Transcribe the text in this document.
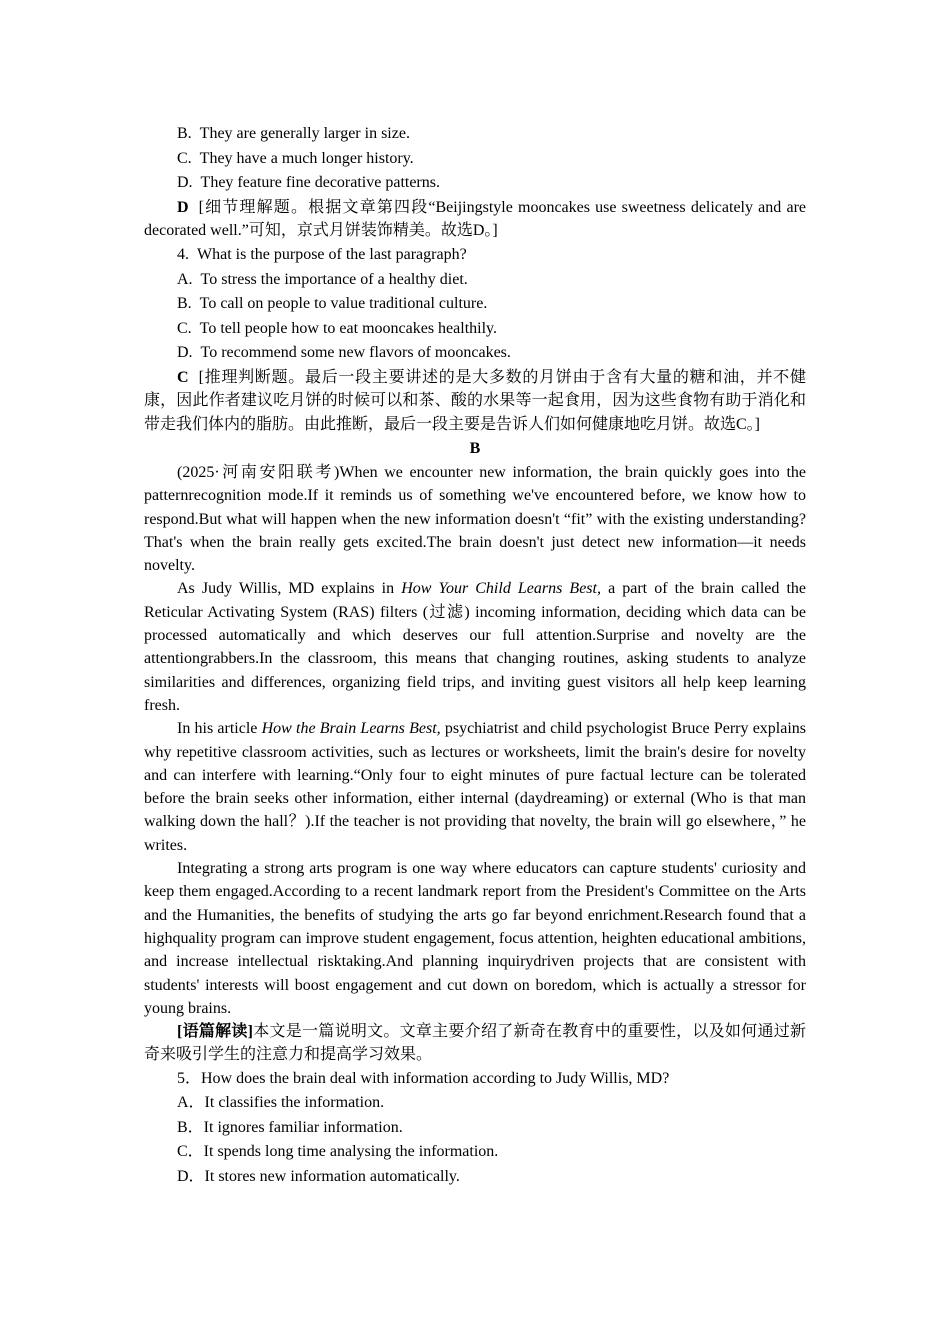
B. They are generally larger in size.

C. They have a much longer history.

D. They feature fine decorative patterns.

D [细节理解题。根据文章第四段“Beijingstyle mooncakes use sweetness delicately and are decorated well.”可知，京式月饼装饰精美。故选D。]

4. What is the purpose of the last paragraph?

A. To stress the importance of a healthy diet.

B. To call on people to value traditional culture.

C. To tell people how to eat mooncakes healthily.

D. To recommend some new flavors of mooncakes.

C [推理判断题。最后一段主要讲述的是大多数的月饼由于含有大量的糖和油，并不健康，因此作者建议吃月饼的时候可以和茶、酸的水果等一起食用，因为这些食物有助于消化和带走我们体内的脂肪。由此推断，最后一段主要是告诉人们如何健康地吃月饼。故选C。]

B

(2025·河南安阳联考)When we encounter new information, the brain quickly goes into the patternrecognition mode.If it reminds us of something we've encountered before, we know how to respond.But what will happen when the new information doesn't “fit” with the existing understanding? That's when the brain really gets excited.The brain doesn't just detect new information—it needs novelty.

As Judy Willis, MD explains in How Your Child Learns Best, a part of the brain called the Reticular Activating System (RAS) filters (过滤) incoming information, deciding which data can be processed automatically and which deserves our full attention.Surprise and novelty are the attentiongrabbers.In the classroom, this means that changing routines, asking students to analyze similarities and differences, organizing field trips, and inviting guest visitors all help keep learning fresh.

In his article How the Brain Learns Best, psychiatrist and child psychologist Bruce Perry explains why repetitive classroom activities, such as lectures or worksheets, limit the brain's desire for novelty and can interfere with learning.“Only four to eight minutes of pure factual lecture can be tolerated before the brain seeks other information, either internal (daydreaming) or external (Who is that man walking down the hall？).If the teacher is not providing that novelty, the brain will go elsewhere，” he writes.

Integrating a strong arts program is one way where educators can capture students' curiosity and keep them engaged.According to a recent landmark report from the President's Committee on the Arts and the Humanities, the benefits of studying the arts go far beyond enrichment.Research found that a highquality program can improve student engagement, focus attention, heighten educational ambitions, and increase intellectual risktaking.And planning inquirydriven projects that are consistent with students' interests will boost engagement and cut down on boredom, which is actually a stressor for young brains.

[语篇解读]本文是一篇说明文。文章主要介绍了新奇在教育中的重要性，以及如何通过新奇来吸引学生的注意力和提高学习效果。

5．How does the brain deal with information according to Judy Willis, MD?

A．It classifies the information.

B．It ignores familiar information.

C．It spends long time analysing the information.

D．It stores new information automatically.
